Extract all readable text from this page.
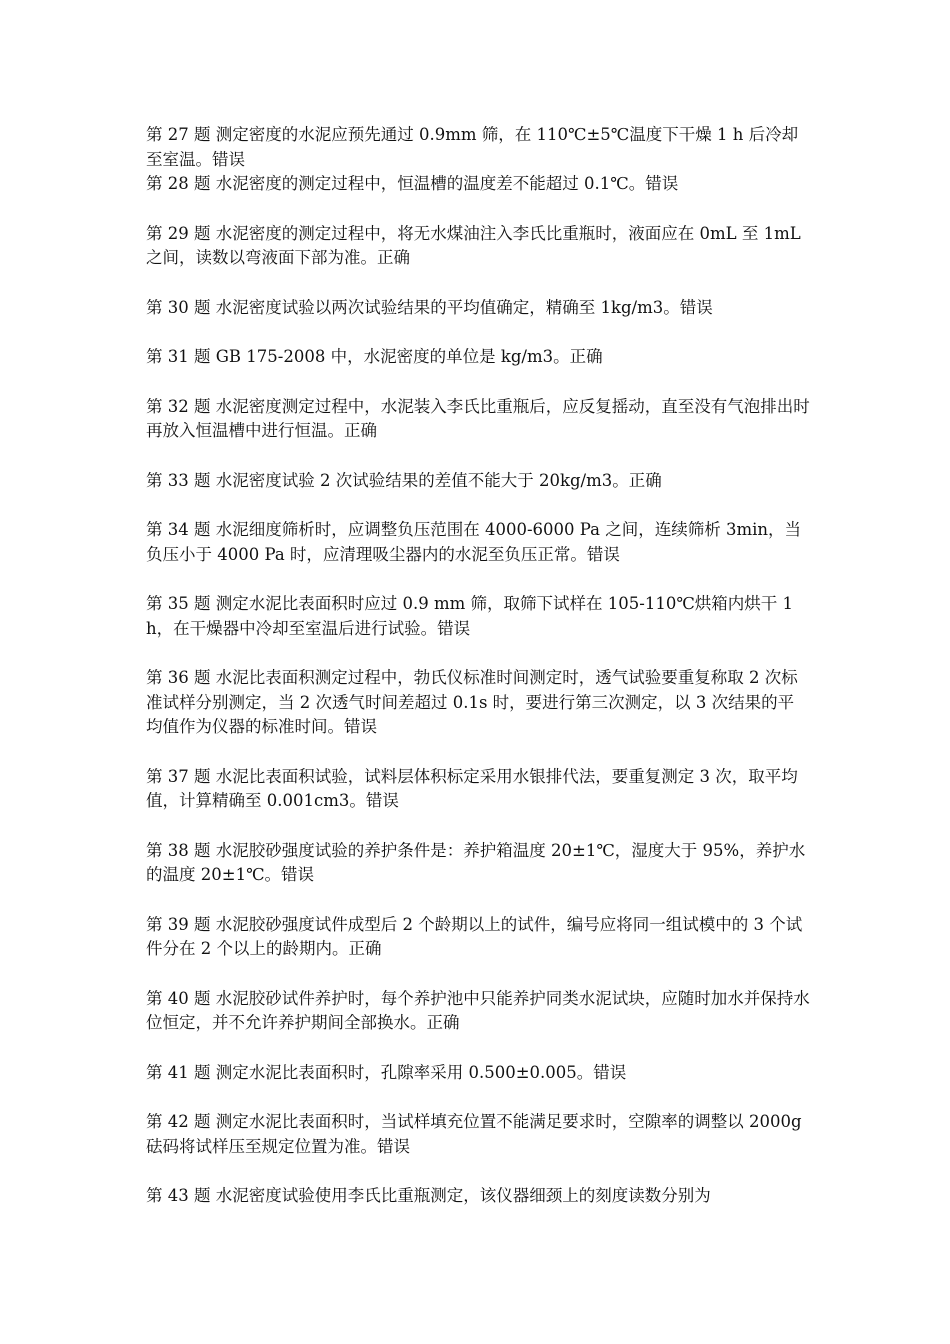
第 27 题 测定密度的水泥应预先通过 0.9mm 筛，在 110℃±5℃温度下干燥 1 h 后冷却至室温。错误

第 28 题 水泥密度的测定过程中，恒温槽的温度差不能超过 0.1℃。错误

第 29 题 水泥密度的测定过程中，将无水煤油注入李氏比重瓶时，液面应在 0mL 至 1mL 之间，读数以弯液面下部为准。正确

第 30 题 水泥密度试验以两次试验结果的平均值确定，精确至 1kg/m3。错误

第 31 题 GB 175-2008 中，水泥密度的单位是 kg/m3。正确

第 32 题 水泥密度测定过程中，水泥装入李氏比重瓶后，应反复摇动，直至没有气泡排出时再放入恒温槽中进行恒温。正确

第 33 题 水泥密度试验 2 次试验结果的差值不能大于 20kg/m3。正确

第 34 题 水泥细度筛析时，应调整负压范围在 4000-6000 Pa 之间，连续筛析 3min，当负压小于 4000 Pa 时，应清理吸尘器内的水泥至负压正常。错误

第 35 题 测定水泥比表面积时应过 0.9 mm 筛，取筛下试样在 105-110℃烘箱内烘干 1h，在干燥器中冷却至室温后进行试验。错误

第 36 题 水泥比表面积测定过程中，勃氏仪标准时间测定时，透气试验要重复称取 2 次标准试样分别测定，当 2 次透气时间差超过 0.1s 时，要进行第三次测定，以 3 次结果的平均值作为仪器的标准时间。错误

第 37 题 水泥比表面积试验，试料层体积标定采用水银排代法，要重复测定 3 次，取平均值，计算精确至 0.001cm3。错误

第 38 题 水泥胶砂强度试验的养护条件是：养护箱温度 20±1℃，湿度大于 95%，养护水的温度 20±1℃。错误

第 39 题 水泥胶砂强度试件成型后 2 个龄期以上的试件，编号应将同一组试模中的 3 个试件分在 2 个以上的龄期内。正确

第 40 题 水泥胶砂试件养护时，每个养护池中只能养护同类水泥试块，应随时加水并保持水位恒定，并不允许养护期间全部换水。正确

第 41 题 测定水泥比表面积时，孔隙率采用 0.500±0.005。错误

第 42 题 测定水泥比表面积时，当试样填充位置不能满足要求时，空隙率的调整以 2000g 砝码将试样压至规定位置为准。错误

第 43 题 水泥密度试验使用李氏比重瓶测定，该仪器细颈上的刻度读数分别为
